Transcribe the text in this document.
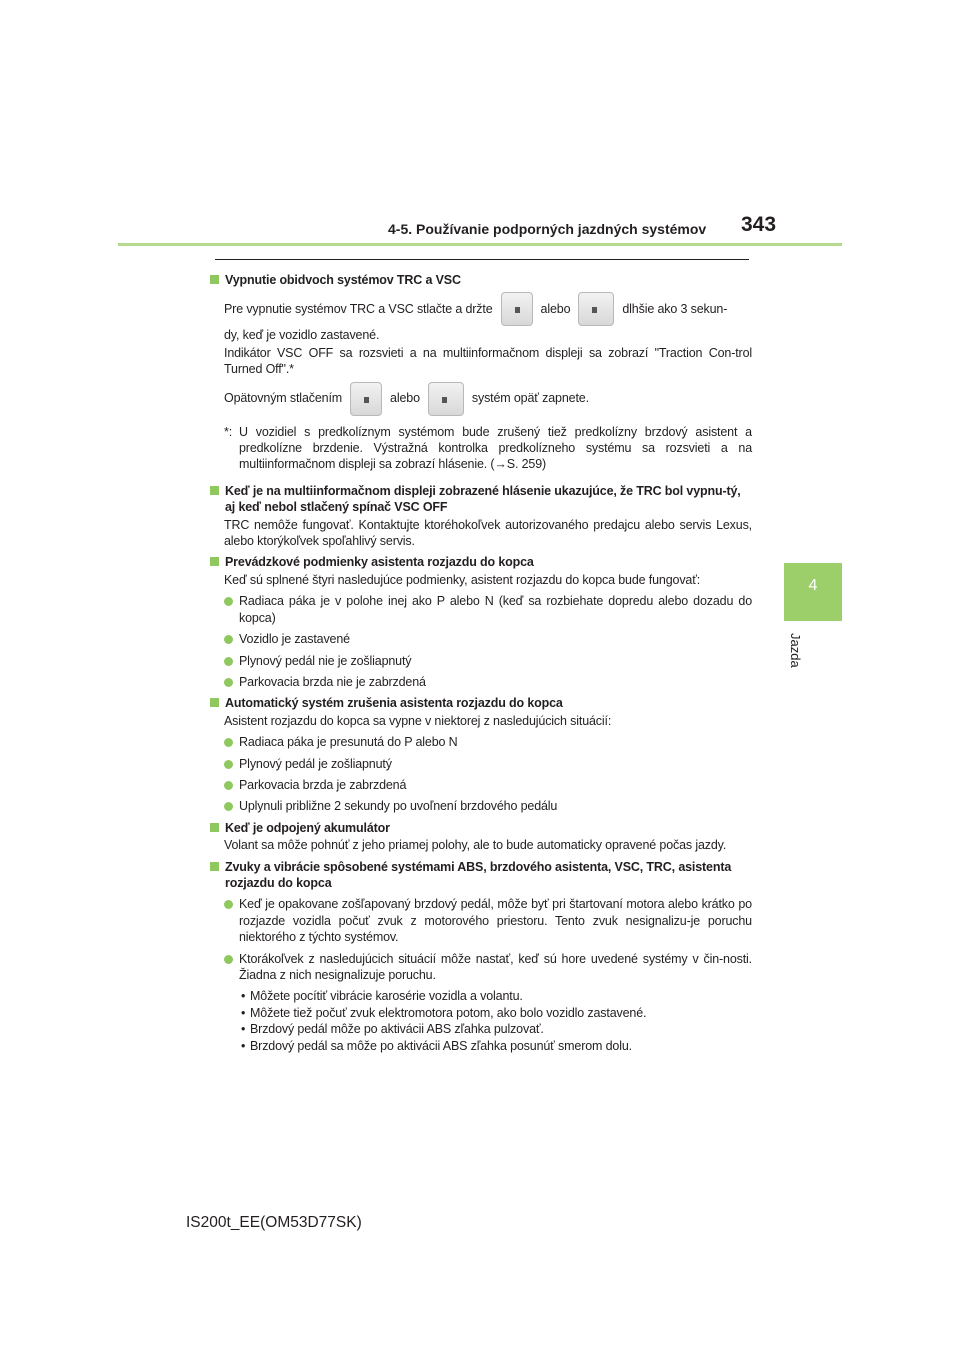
4-5. Používanie podporných jazdných systémov 343
4
Jazda
Vypnutie obidvoch systémov TRC a VSC
Pre vypnutie systémov TRC a VSC stlačte a držte	alebo	dlhšie ako 3 sekun-
dy, keď je vozidlo zastavené.
Indikátor VSC OFF sa rozsvieti a na multiinformačnom displeji sa zobrazí "Traction Con-trol Turned Off".*
Opätovným stlačením	alebo	systém opäť zapnete.
*: U vozidiel s predkolíznym systémom bude zrušený tiež predkolízny brzdový asistent a predkolízne brzdenie. Výstražná kontrolka predkolízneho systému sa rozsvieti a na multiinformačnom displeji sa zobrazí hlásenie. (→S. 259)
Keď je na multiinformačnom displeji zobrazené hlásenie ukazujúce, že TRC bol vypnu-tý, aj keď nebol stlačený spínač VSC OFF
TRC nemôže fungovať. Kontaktujte ktoréhokoľvek autorizovaného predajcu alebo servis Lexus, alebo ktorýkoľvek spoľahlivý servis.
Prevádzkové podmienky asistenta rozjazdu do kopca
Keď sú splnené štyri nasledujúce podmienky, asistent rozjazdu do kopca bude fungovať:
Radiaca páka je v polohe inej ako P alebo N (keď sa rozbiehate dopredu alebo dozadu do kopca)
Vozidlo je zastavené
Plynový pedál nie je zošliapnutý
Parkovacia brzda nie je zabrzdená
Automatický systém zrušenia asistenta rozjazdu do kopca
Asistent rozjazdu do kopca sa vypne v niektorej z nasledujúcich situácií:
Radiaca páka je presunutá do P alebo N
Plynový pedál je zošliapnutý
Parkovacia brzda je zabrzdená
Uplynuli približne 2 sekundy po uvoľnení brzdového pedálu
Keď je odpojený akumulátor
Volant sa môže pohnúť z jeho priamej polohy, ale to bude automaticky opravené počas jazdy.
Zvuky a vibrácie spôsobené systémami ABS, brzdového asistenta, VSC, TRC, asistenta rozjazdu do kopca
Keď je opakovane zošľapovaný brzdový pedál, môže byť pri štartovaní motora alebo krátko po rozjazde vozidla počuť zvuk z motorového priestoru. Tento zvuk nesignalizu-je poruchu niektorého z týchto systémov.
Ktorákoľvek z nasledujúcich situácií môže nastať, keď sú hore uvedené systémy v čin-nosti. Žiadna z nich nesignalizuje poruchu.
• Môžete pocítiť vibrácie karosérie vozidla a volantu.
• Môžete tiež počuť zvuk elektromotora potom, ako bolo vozidlo zastavené.
• Brzdový pedál môže po aktivácii ABS zľahka pulzovať.
• Brzdový pedál sa môže po aktivácii ABS zľahka posunúť smerom dolu.
IS200t_EE(OM53D77SK)
